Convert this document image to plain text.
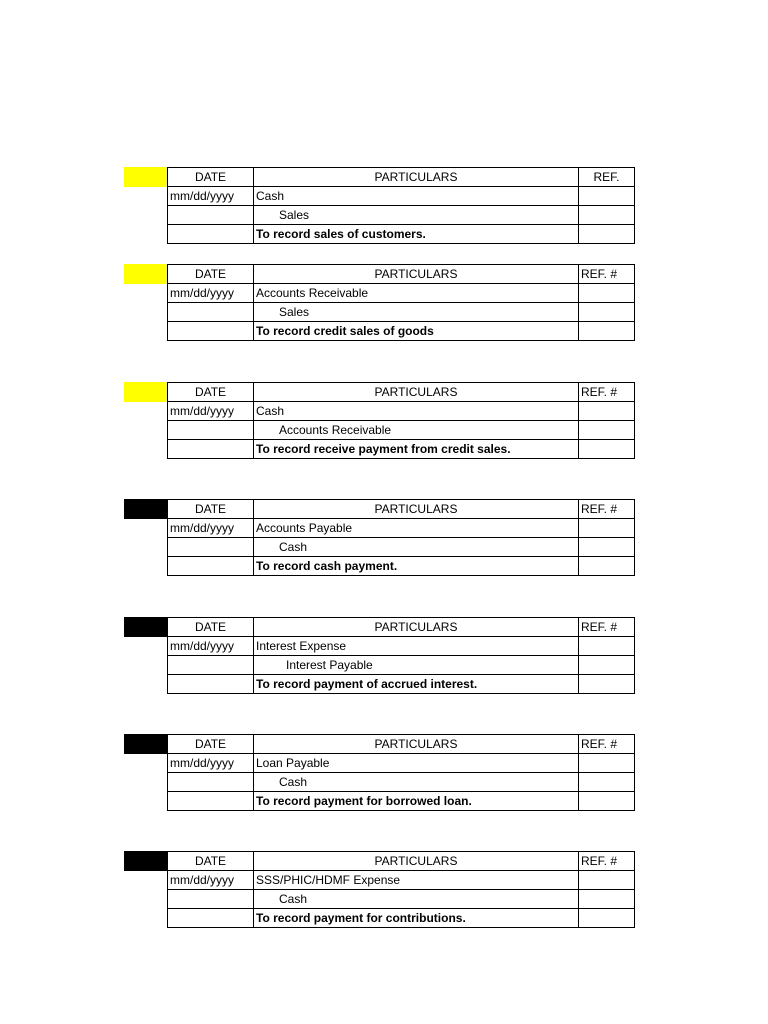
DATE	PARTICULARS	REF.
mm/dd/yyyy	Cash	
	Sales	
	To record sales of customers.	
DATE	PARTICULARS	REF. #
mm/dd/yyyy	Accounts Receivable	
	Sales	
	To record credit sales of goods	
DATE	PARTICULARS	REF. #
mm/dd/yyyy	Cash	
	Accounts Receivable	
	To record receive payment from credit sales.	
DATE	PARTICULARS	REF. #
mm/dd/yyyy	Accounts Payable	
	Cash	
	To record cash payment.	
DATE	PARTICULARS	REF. #
mm/dd/yyyy	Interest Expense	
	Interest Payable	
	To record payment of accrued interest.	
DATE	PARTICULARS	REF. #
mm/dd/yyyy	Loan Payable	
	Cash	
	To record payment for borrowed loan.	
DATE	PARTICULARS	REF. #
mm/dd/yyyy	SSS/PHIC/HDMF Expense	
	Cash	
	To record payment for contributions.	
